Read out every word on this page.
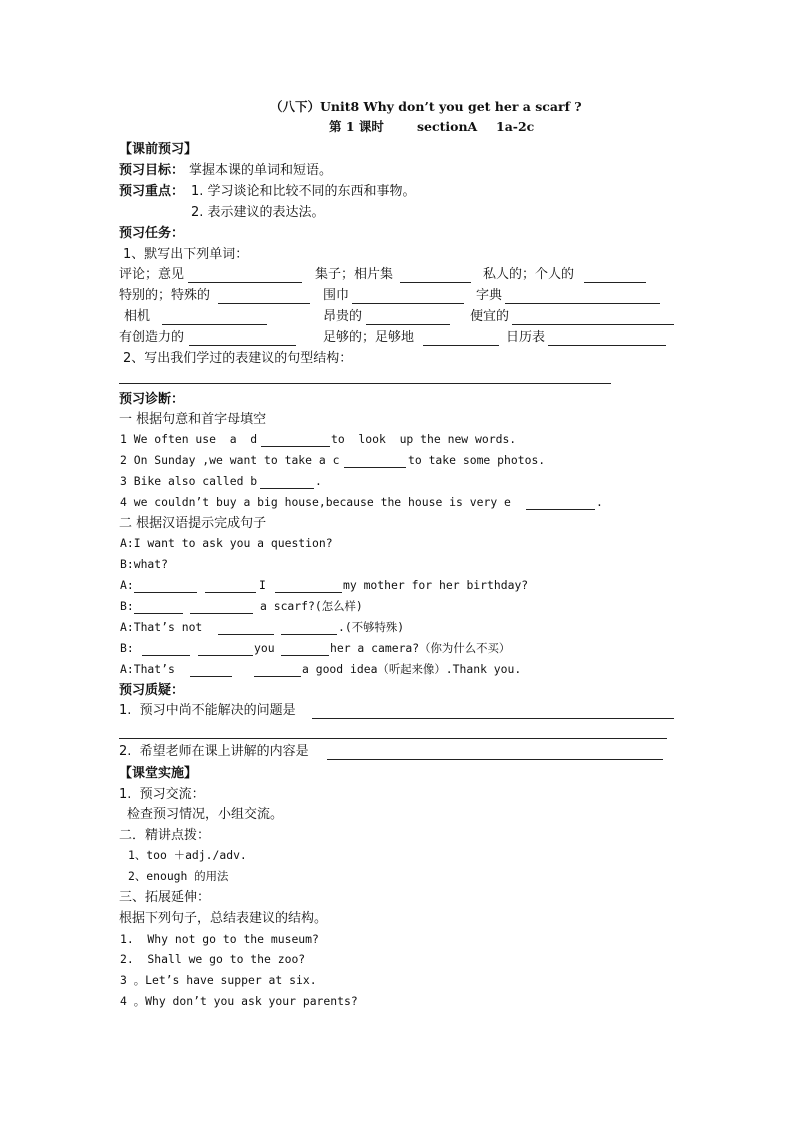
（八下）Unit8 Why don’t you get her a scarf ?
第 1 课时	sectionA 1a-2c
【课前预习】
预习目标： 掌握本课的单词和短语。
预习重点： 1. 学习谈论和比较不同的东西和事物。
2. 表示建议的表达法。
预习任务：
1、默写出下列单词：
评论；意见	集子；相片集	私人的；个人的
特别的；特殊的	围巾	字典
相机	昂贵的	便宜的
有创造力的	足够的；足够地	日历表
2、写出我们学过的表建议的句型结构：
预习诊断：
一 根据句意和首字母填空
1 We often use  a  d	to  look  up the new words.
2 On Sunday ,we want to take a c	to take some photos.
3 Bike also called b	.
4 we couldn’t buy a big house,because the house is very e	.
二 根据汉语提示完成句子
A:I want to ask you a question?
B:what?
A:	I	my mother for her birthday?
B:	a scarf?(怎么样)
A:That’s not	.(不够特殊)
B:	you	her a camera?（你为什么不买）
A:That’s	a good idea（听起来像）.Thank you.
预习质疑：
1.  预习中尚不能解决的问题是
2.  希望老师在课上讲解的内容是
【课堂实施】
1.  预习交流：
检查预习情况，小组交流。
二．精讲点拨：
1、too ＋adj./adv.
2、enough 的用法
三、拓展延伸：
根据下列句子，总结表建议的结构。
1.  Why not go to the museum?
2.  Shall we go to the zoo?
3 。Let’s have supper at six.
4 。Why don’t you ask your parents?
